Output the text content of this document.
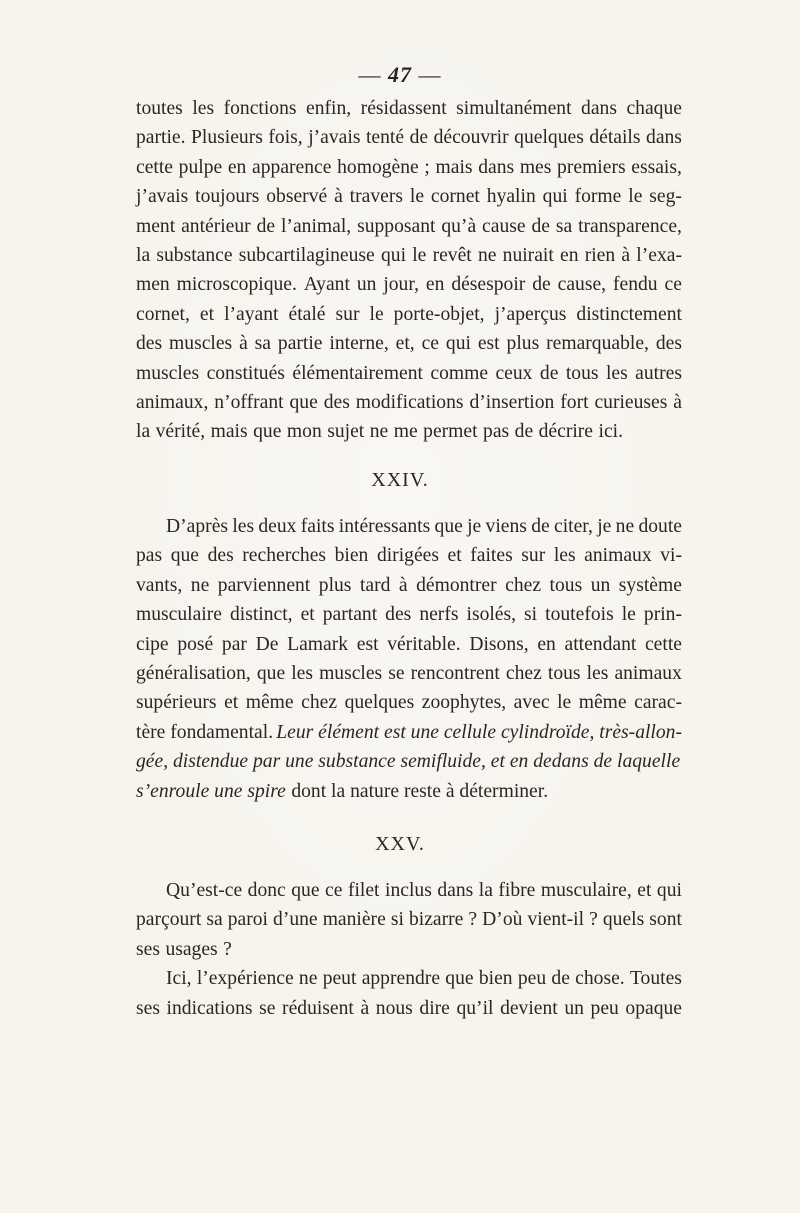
— 47 —
toutes les fonctions enfin, résidassent simultanément dans chaque
partie. Plusieurs fois, j’avais tenté de découvrir quelques détails dans
cette pulpe en apparence homogène ; mais dans mes premiers essais,
j’avais toujours observé à travers le cornet hyalin qui forme le seg-
ment antérieur de l’animal, supposant qu’à cause de sa transparence,
la substance subcartilagineuse qui le revêt ne nuirait en rien à l’exa-
men microscopique. Ayant un jour, en désespoir de cause, fendu ce
cornet, et l’ayant étalé sur le porte-objet, j’aperçus distinctement
des muscles à sa partie interne, et, ce qui est plus remarquable, des
muscles constitués élémentairement comme ceux de tous les autres
animaux, n’offrant que des modifications d’insertion fort curieuses à
la vérité, mais que mon sujet ne me permet pas de décrire ici.
XXIV.
D’après les deux faits intéressants que je viens de citer, je ne doute
pas que des recherches bien dirigées et faites sur les animaux vi-
vants, ne parviennent plus tard à démontrer chez tous un système
musculaire distinct, et partant des nerfs isolés, si toutefois le prin-
cipe posé par De Lamark est véritable. Disons, en attendant cette
généralisation, que les muscles se rencontrent chez tous les animaux
supérieurs et même chez quelques zoophytes, avec le même carac-
tère fondamental. Leur élément est une cellule cylindroïde, très-allon-
gée, distendue par une substance semifluide, et en dedans de laquelle
s’enroule une spire dont la nature reste à déterminer.
XXV.
Qu’est-ce donc que ce filet inclus dans la fibre musculaire, et qui
parçourt sa paroi d’une manière si bizarre ? D’où vient-il ? quels sont
ses usages ?
Ici, l’expérience ne peut apprendre que bien peu de chose. Toutes
ses indications se réduisent à nous dire qu’il devient un peu opaque
